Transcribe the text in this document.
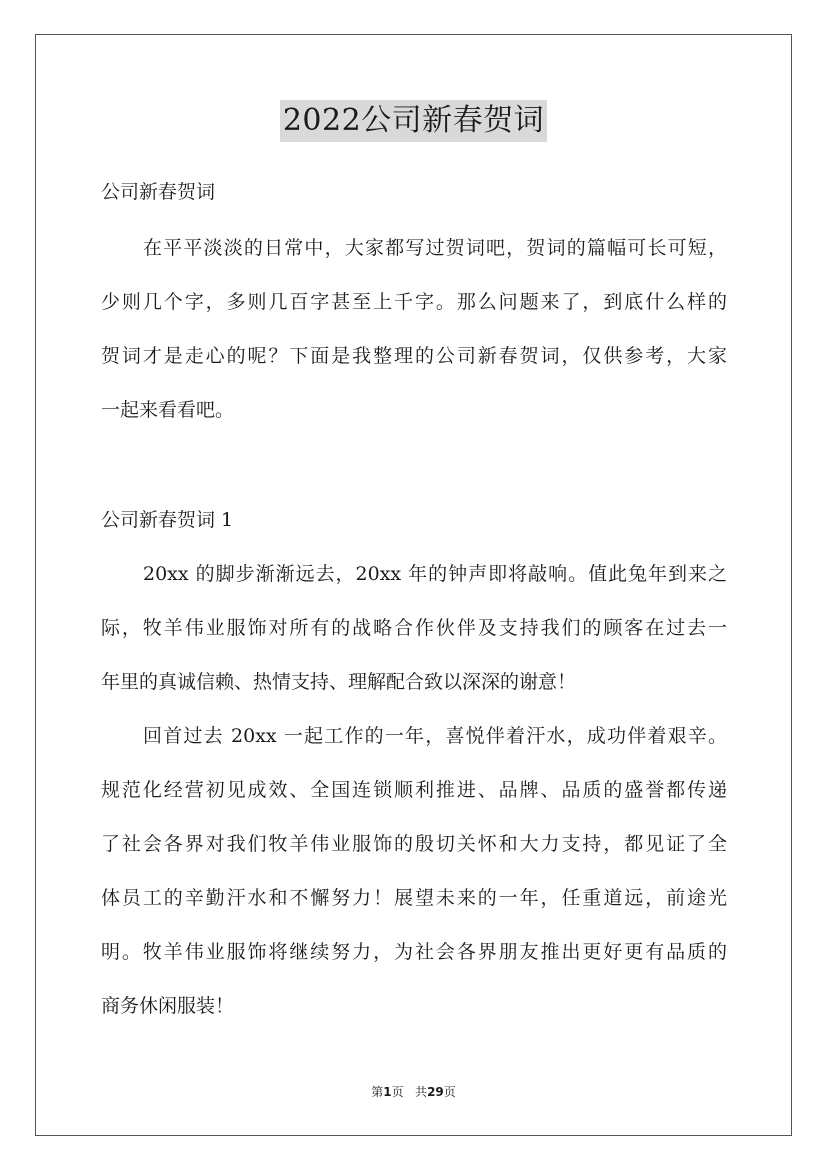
2022公司新春贺词
公司新春贺词
在平平淡淡的日常中，大家都写过贺词吧，贺词的篇幅可长可短，
少则几个字，多则几百字甚至上千字。那么问题来了，到底什么样的
贺词才是走心的呢？下面是我整理的公司新春贺词，仅供参考，大家
一起来看看吧。
公司新春贺词 1
20xx 的脚步渐渐远去，20xx 年的钟声即将敲响。值此兔年到来之
际，牧羊伟业服饰对所有的战略合作伙伴及支持我们的顾客在过去一
年里的真诚信赖、热情支持、理解配合致以深深的谢意！
回首过去 20xx 一起工作的一年，喜悦伴着汗水，成功伴着艰辛。
规范化经营初见成效、全国连锁顺利推进、品牌、品质的盛誉都传递
了社会各界对我们牧羊伟业服饰的殷切关怀和大力支持，都见证了全
体员工的辛勤汗水和不懈努力！展望未来的一年，任重道远，前途光
明。牧羊伟业服饰将继续努力，为社会各界朋友推出更好更有品质的
商务休闲服装！
第1页 共29页
